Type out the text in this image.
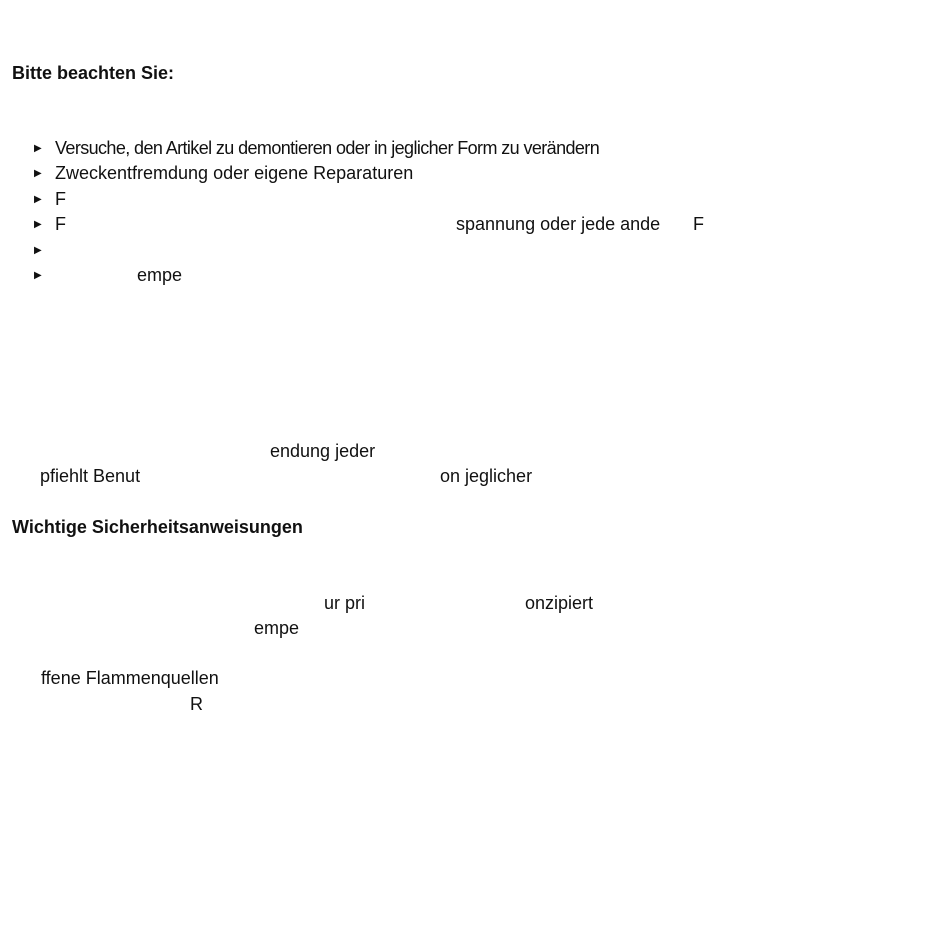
Bitte beachten Sie:
▶ Versuche, den Artikel zu demontieren oder in jeglicher Form zu verändern
▶ Zweckentfremdung oder eigene Reparaturen
▶ F
▶ F	spannung oder jede ande F
▶
▶	empe
endung jeder
pfiehlt Benut	on jeglicher
Wichtige Sicherheitsanweisungen
ur pri	onzipiert
empe
ffene Flammenquellen
R
